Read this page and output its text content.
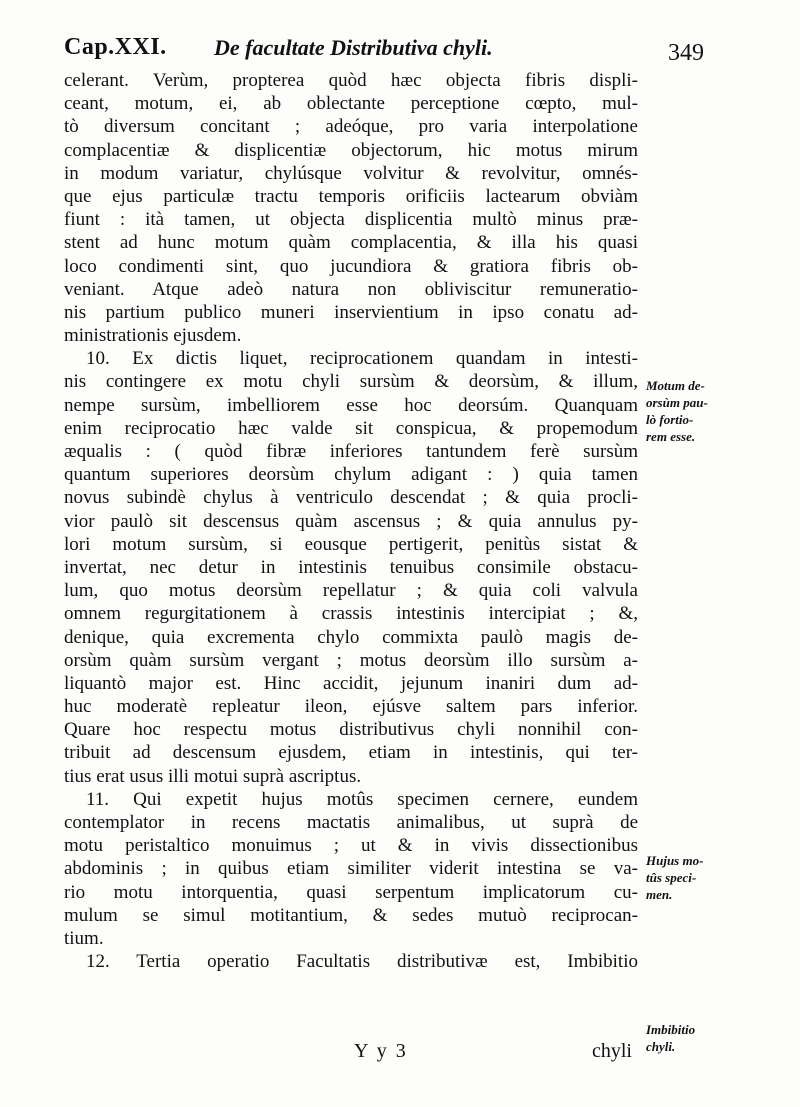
Cap.XXI. De facultate Distributiva chyli.	349
celerant. Verùm, propterea quòd hæc objecta fibris displi-
ceant, motum, ei, ab oblectante perceptione cœpto, mul-
tò diversum concitant ; adeóque, pro varia interpolatione
complacentiæ & displicentiæ objectorum, hic motus mirum
in modum variatur, chylúsque volvitur & revolvitur, omnés-
que ejus particulæ tractu temporis orificiis lactearum obviàm
fiunt : ità tamen, ut objecta displicentia multò minus præ-
stent ad hunc motum quàm complacentia, & illa his quasi
loco condimenti sint, quo jucundiora & gratiora fibris ob-
veniant. Atque adeò natura non obliviscitur remuneratio-
nis partium publico muneri inservientium in ipso conatu ad-
ministrationis ejusdem.
10. Ex dictis liquet, reciprocationem quandam in intesti-
nis contingere ex motu chyli sursùm & deorsùm, & illum,
nempe sursùm, imbelliorem esse hoc deorsúm. Quanquam
enim reciprocatio hæc valde sit conspicua, & propemodum
æqualis : ( quòd fibræ inferiores tantundem ferè sursùm
quantum superiores deorsùm chylum adigant : ) quia tamen
novus subindè chylus à ventriculo descendat ; & quia procli-
vior paulò sit descensus quàm ascensus ; & quia annulus py-
lori motum sursùm, si eousque pertigerit, penitùs sistat &
invertat, nec detur in intestinis tenuibus consimile obstacu-
lum, quo motus deorsùm repellatur ; & quia coli valvula
omnem regurgitationem à crassis intestinis intercipiat ; &,
denique, quia excrementa chylo commixta paulò magis de-
orsùm quàm sursùm vergant ; motus deorsùm illo sursùm a-
liquantò major est. Hinc accidit, jejunum inaniri dum ad-
huc moderatè repleatur ileon, ejúsve saltem pars inferior.
Quare hoc respectu motus distributivus chyli nonnihil con-
tribuit ad descensum ejusdem, etiam in intestinis, qui ter-
tius erat usus illi motui suprà ascriptus.
11. Qui expetit hujus motûs specimen cernere, eundem
contemplator in recens mactatis animalibus, ut suprà de
motu peristaltico monuimus ; ut & in vivis dissectionibus
abdominis ; in quibus etiam similiter viderit intestina se va-
rio motu intorquentia, quasi serpentum implicatorum cu-
mulum se simul motitantium, & sedes mutuò reciprocan-
tium.
12. Tertia operatio Facultatis distributivæ est, Imbibitio
Motum de-
orsùm pau-
lò fortio-
rem esse.
Hujus mo-
tûs speci-
men.
Imbibitio
chyli.
Y y 3	chyli
